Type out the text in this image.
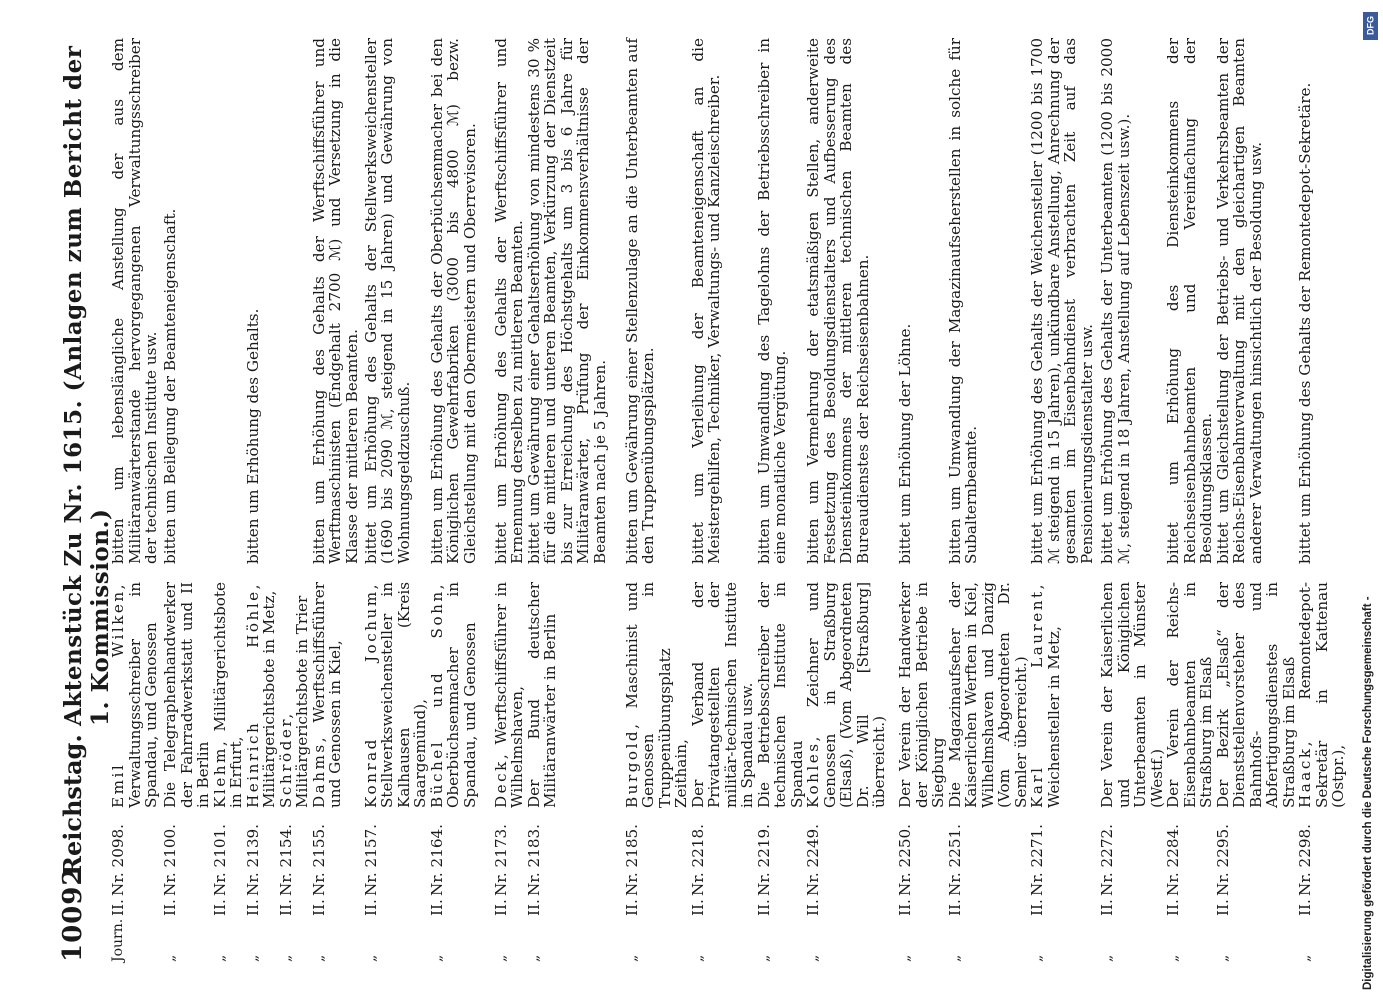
10092
Reichstag.
Aktenstück Zu Nr. 1615. (Anlagen zum Bericht der 1. Kommission.)
Journ.
II.
Nr. 2098.
Emil Wilken, Verwaltungsschreiber in Spandau, und Genossen
bitten um lebenslängliche Anstellung der aus dem Militäranwärterstande hervorgegangenen Verwaltungsschreiber der technischen Institute usw.
„
II.
Nr. 2100.
Die Telegraphenhandwerker der Fahrradwerkstatt und II in Berlin
bitten um Beilegung der Beamteneigenschaft.
„
II.
Nr. 2101.
Klehm, Militärgerichtsbote in Erfurt,
„
II.
Nr. 2139.
Heinrich Höhle, Militärgerichtsbote in Metz,
bitten um Erhöhung des Gehalts.
„
II.
Nr. 2154.
Schröder, Militärgerichtsbote in Trier
„
II.
Nr. 2155.
Dahms, Werftschiffsführer und Genossen in Kiel,
bitten um Erhöhung des Gehalts der Werftschiffsführer und Werftmaschinisten (Endgehalt 2700 ℳ) und Versetzung in die Klasse der mittleren Beamten.
„
II.
Nr. 2157.
Konrad Jochum, Stellwerksweichensteller in Kalhausen (Kreis Saargemünd),
bittet um Erhöhung des Gehalts der Stellwerksweichensteller (1690 bis 2090 ℳ, steigend in 15 Jahren) und Gewährung von Wohnungsgeldzuschuß.
„
II.
Nr. 2164.
Büchel und Sohn, Oberbüchsenmacher in Spandau, und Genossen
bitten um Erhöhung des Gehalts der Oberbüchsenmacher bei den Königlichen Gewehrfabriken (3000 bis 4800 ℳ) bezw. Gleichstellung mit den Obermeistern und Oberrevisoren.
„
II.
Nr. 2173.
Deck, Werftschiffsführer in Wilhelmshaven,
bittet um Erhöhung des Gehalts der Werftschiffsführer und Ernennung derselben zu mittleren Beamten.
„
II.
Nr. 2183.
Der Bund deutscher Militäranwärter in Berlin
bittet um Gewährung einer Gehaltserhöhung von mindestens 30 % für die mittleren und unteren Beamten, Verkürzung der Dienstzeit bis zur Erreichung des Höchstgehalts um 3 bis 6 Jahre für Militäranwärter, Prüfung der Einkommensverhältnisse der Beamten nach je 5 Jahren.
„
II.
Nr. 2185.
Burgold, Maschinist und Genossen in Truppenübungsplatz Zeithain,
bitten um Gewährung einer Stellenzulage an die Unterbeamten auf den Truppenübungsplätzen.
„
II.
Nr. 2218.
Der Verband der Privatangestellten der militär-technischen Institute in Spandau usw.
bittet um Verleihung der Beamteneigenschaft an die Meistergehilfen, Techniker, Verwaltungs- und Kanzleischreiber.
„
II.
Nr. 2219.
Die Betriebsschreiber der technischen Institute in Spandau
bitten um Umwandlung des Tagelohns der Betriebsschreiber in eine monatliche Vergütung.
„
II.
Nr. 2249.
Kohles, Zeichner und Genossen in Straßburg (Elsaß), (Vom Abgeordneten Dr. Will [Straßburg] überreicht.)
bitten um Vermehrung der etatsmäßigen Stellen, anderweite Festsetzung des Besoldungsdienstalters und Aufbesserung des Diensteinkommens der mittleren technischen Beamten des Bureaudienstes der Reichseisenbahnen.
„
II.
Nr. 2250.
Der Verein der Handwerker der Königlichen Betriebe in Siegburg
bittet um Erhöhung der Löhne.
„
II.
Nr. 2251.
Die Magazinaufseher der Kaiserlichen Werften in Kiel, Wilhelmshaven und Danzig (Vom Abgeordneten Dr. Semler überreicht.)
bitten um Umwandlung der Magazinaufseherstellen in solche für Subalternbeamte.
„
II.
Nr. 2271.
Karl Laurent, Weichensteller in Metz,
bittet um Erhöhung des Gehalts der Weichensteller (1200 bis 1700 ℳ steigend in 15 Jahren), unkündbare Anstellung, Anrechnung der gesamten im Eisenbahndienst verbrachten Zeit auf das Pensionierungsdienstalter usw.
„
II.
Nr. 2272.
Der Verein der Kaiserlichen und Königlichen Unterbeamten in Münster (Westf.)
bittet um Erhöhung des Gehalts der Unterbeamten (1200 bis 2000 ℳ, steigend in 18 Jahren, Anstellung auf Lebenszeit usw.).
„
II.
Nr. 2284.
Der Verein der Reichs-Eisenbahnbeamten in Straßburg im Elsaß
bittet um Erhöhung des Diensteinkommens der Reichseisenbahnbeamten und Vereinfachung der Besoldungsklassen.
„
II.
Nr. 2295.
Der Bezirk „Elsaß“ der Dienststellenvorsteher des Bahnhofs- und Abfertigungsdienstes in Straßburg im Elsaß
bittet um Gleichstellung der Betriebs- und Verkehrsbeamten der Reichs-Eisenbahnverwaltung mit den gleichartigen Beamten anderer Verwaltungen hinsichtlich der Besoldung usw.
„
II.
Nr. 2298.
Haack, Remontedepot-Sekretär in Kattenau (Ostpr.),
bittet um Erhöhung des Gehalts der Remontedepot-Sekretäre.
Digitalisierung gefördert durch die Deutsche Forschungsgemeinschaft -
DFG
